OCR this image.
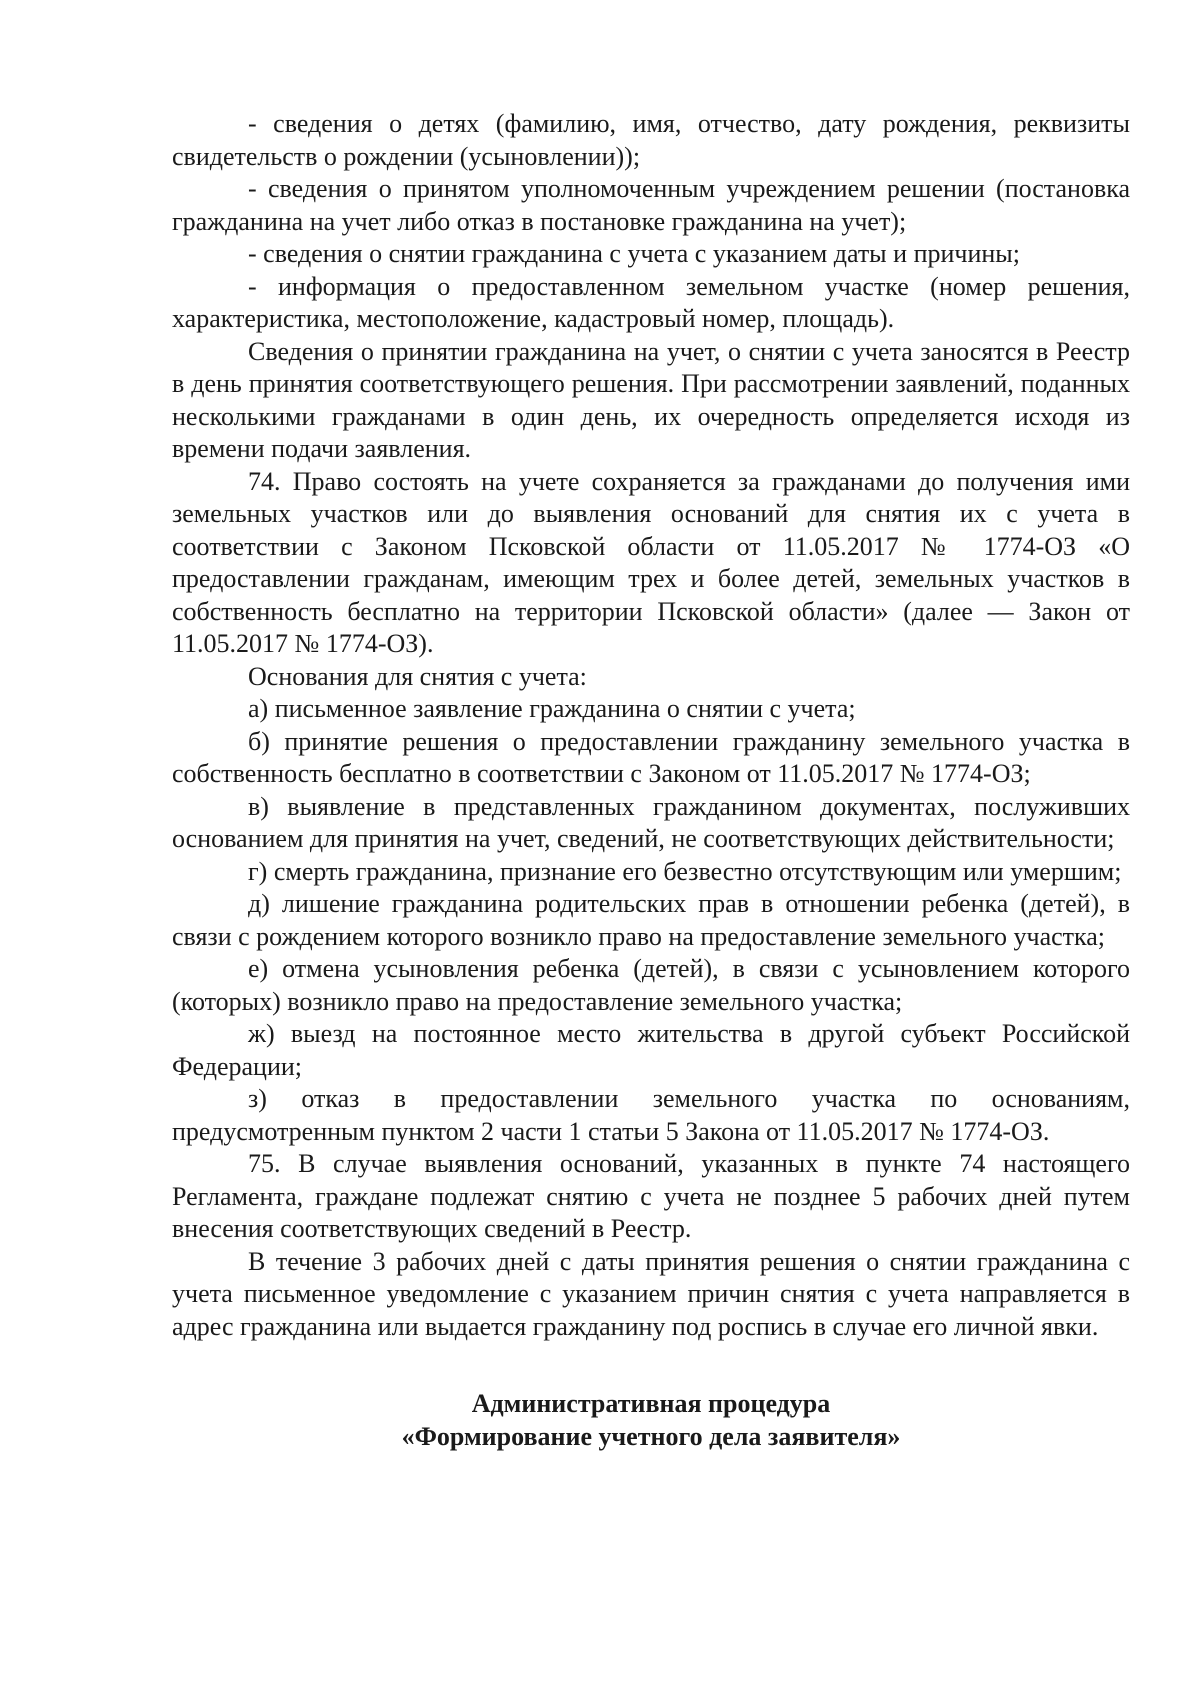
- сведения о детях (фамилию, имя, отчество, дату рождения, реквизиты свидетельств о рождении (усыновлении));

- сведения о принятом уполномоченным учреждением решении (постановка гражданина на учет либо отказ в постановке гражданина на учет);

- сведения о снятии гражданина с учета с указанием даты и причины;

- информация о предоставленном земельном участке (номер решения, характеристика, местоположение, кадастровый номер, площадь).

Сведения о принятии гражданина на учет, о снятии с учета заносятся в Реестр в день принятия соответствующего решения. При рассмотрении заявлений, поданных несколькими гражданами в один день, их очередность определяется исходя из времени подачи заявления.

74. Право состоять на учете сохраняется за гражданами до получения ими земельных участков или до выявления оснований для снятия их с учета в соответствии с Законом Псковской области от 11.05.2017 № 1774-ОЗ «О предоставлении гражданам, имеющим трех и более детей, земельных участков в собственность бесплатно на территории Псковской области» (далее — Закон от 11.05.2017 № 1774-ОЗ).

Основания для снятия с учета:

а) письменное заявление гражданина о снятии с учета;

б) принятие решения о предоставлении гражданину земельного участка в собственность бесплатно в соответствии с Законом от 11.05.2017 № 1774-ОЗ;

в) выявление в представленных гражданином документах, послуживших основанием для принятия на учет, сведений, не соответствующих действительности;

г) смерть гражданина, признание его безвестно отсутствующим или умершим;

д) лишение гражданина родительских прав в отношении ребенка (детей), в связи с рождением которого возникло право на предоставление земельного участка;

е) отмена усыновления ребенка (детей), в связи с усыновлением которого (которых) возникло право на предоставление земельного участка;

ж) выезд на постоянное место жительства в другой субъект Российской Федерации;

з) отказ в предоставлении земельного участка по основаниям, предусмотренным пунктом 2 части 1 статьи 5 Закона от 11.05.2017 № 1774-ОЗ.

75. В случае выявления оснований, указанных в пункте 74 настоящего Регламента, граждане подлежат снятию с учета не позднее 5 рабочих дней путем внесения соответствующих сведений в Реестр.

В течение 3 рабочих дней с даты принятия решения о снятии гражданина с учета письменное уведомление с указанием причин снятия с учета направляется в адрес гражданина или выдается гражданину под роспись в случае его личной явки.

Административная процедура

«Формирование учетного дела заявителя»
